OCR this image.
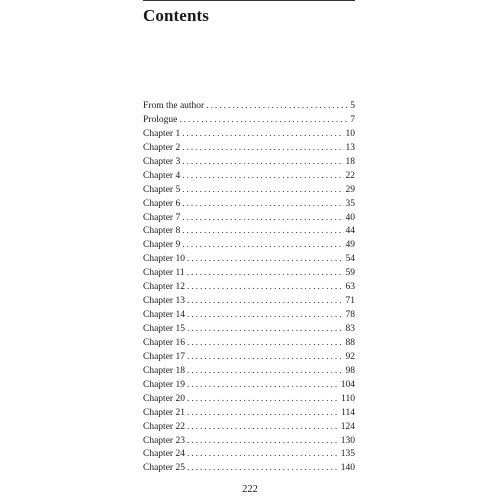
Contents
From the author . . .	5
Prologue . . .	7
Chapter 1 . . .	10
Chapter 2 . . .	13
Chapter 3 . . .	18
Chapter 4 . . .	22
Chapter 5 . . .	29
Chapter 6 . . .	35
Chapter 7 . . .	40
Chapter 8 . . .	44
Chapter 9 . . .	49
Chapter 10 . . .	54
Chapter 11 . . .	59
Chapter 12 . . .	63
Chapter 13 . . .	71
Chapter 14 . . .	78
Chapter 15 . . .	83
Chapter 16 . . .	88
Chapter 17 . . .	92
Chapter 18 . . .	98
Chapter 19 . . .	104
Chapter 20 . . .	110
Chapter 21 . . .	114
Chapter 22 . . .	124
Chapter 23 . . .	130
Chapter 24 . . .	135
Chapter 25 . . .	140
222
